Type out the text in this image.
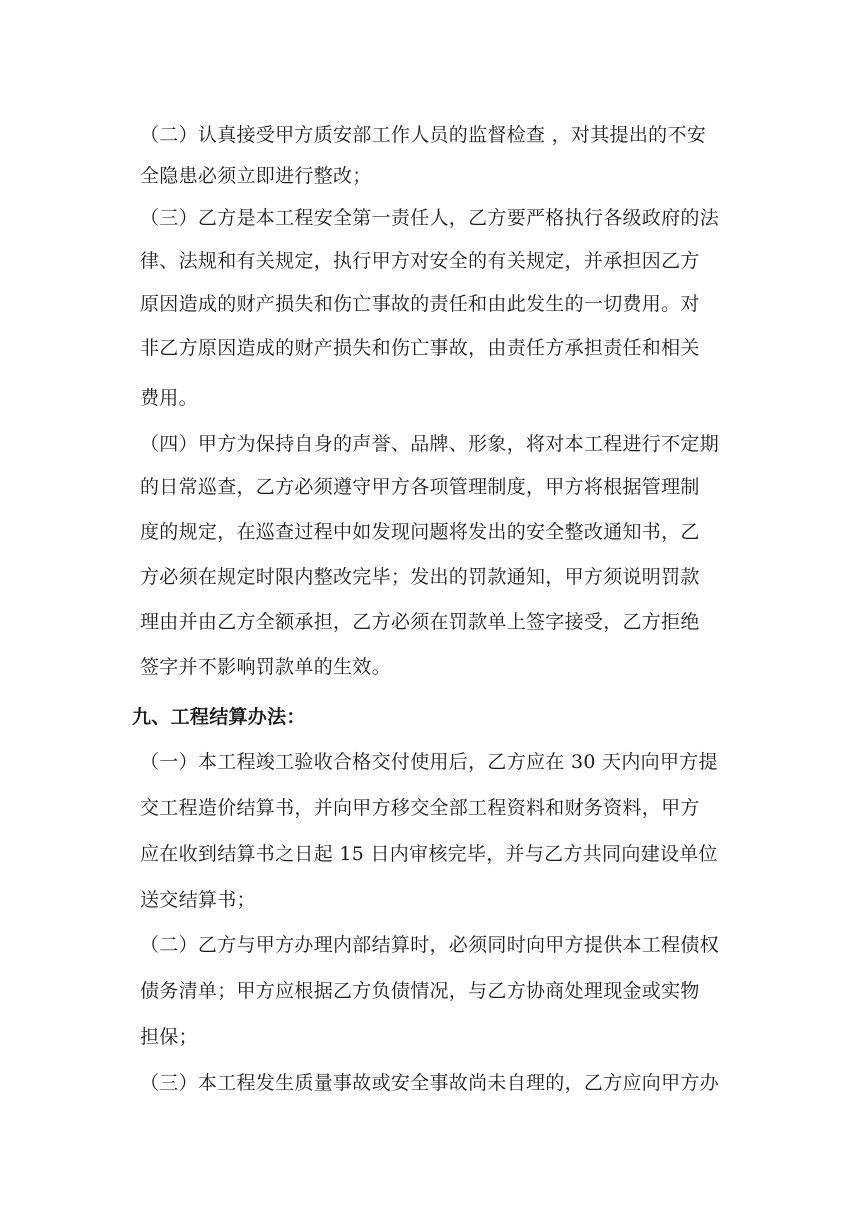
（二）认真接受甲方质安部工作人员的监督检查 ，对其提出的不安
全隐患必须立即进行整改；
（三）乙方是本工程安全第一责任人，乙方要严格执行各级政府的法
律、法规和有关规定，执行甲方对安全的有关规定，并承担因乙方
原因造成的财产损失和伤亡事故的责任和由此发生的一切费用。对
非乙方原因造成的财产损失和伤亡事故，由责任方承担责任和相关
费用。
（四）甲方为保持自身的声誉、品牌、形象，将对本工程进行不定期
的日常巡查，乙方必须遵守甲方各项管理制度，甲方将根据管理制
度的规定，在巡查过程中如发现问题将发出的安全整改通知书，乙
方必须在规定时限内整改完毕；发出的罚款通知，甲方须说明罚款
理由并由乙方全额承担，乙方必须在罚款单上签字接受，乙方拒绝
签字并不影响罚款单的生效。
九、工程结算办法：
（一）本工程竣工验收合格交付使用后，乙方应在 30 天内向甲方提
交工程造价结算书，并向甲方移交全部工程资料和财务资料，甲方
应在收到结算书之日起 15 日内审核完毕，并与乙方共同向建设单位
送交结算书；
（二）乙方与甲方办理内部结算时，必须同时向甲方提供本工程债权
债务清单；甲方应根据乙方负债情况，与乙方协商处理现金或实物
担保；
（三）本工程发生质量事故或安全事故尚未自理的，乙方应向甲方办
